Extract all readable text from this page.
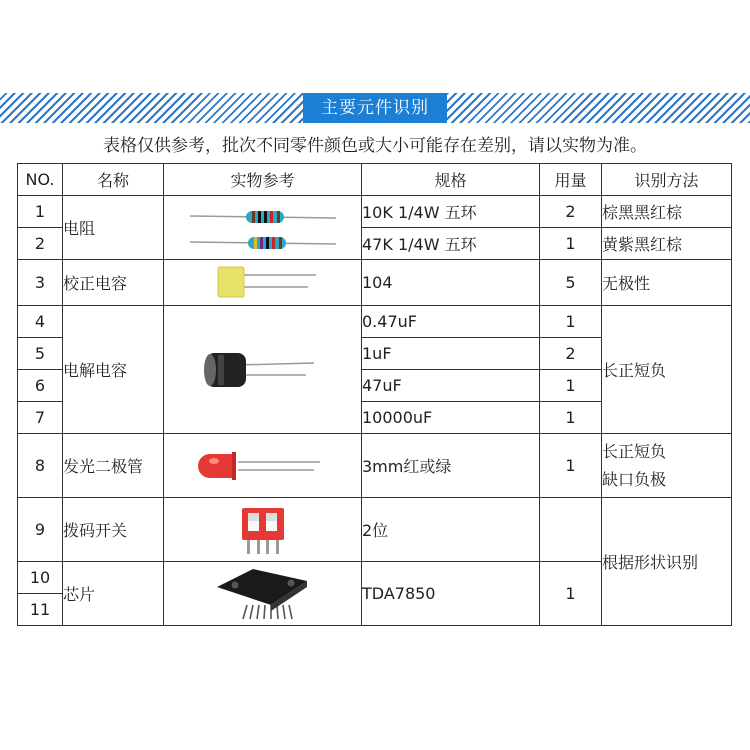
主要元件识别
表格仅供参考，批次不同零件颜色或大小可能存在差别，请以实物为准。
NO.	名称	实物参考	规格	用量	识别方法
1	电阻		10K 1/4W 五环	2	棕黑黑红棕
2			47K 1/4W 五环	1	黄紫黑红棕
3	校正电容		104	5	无极性
4	电解电容		0.47uF	1	长正短负
5			1uF	2	
6			47uF	1	
7			10000uF	1	
8	发光二极管		3mm红或绿	1	长正短负
缺口负极

9	拨码开关		2位		根据形状识别
10	芯片		TDA7850	1	
11					
